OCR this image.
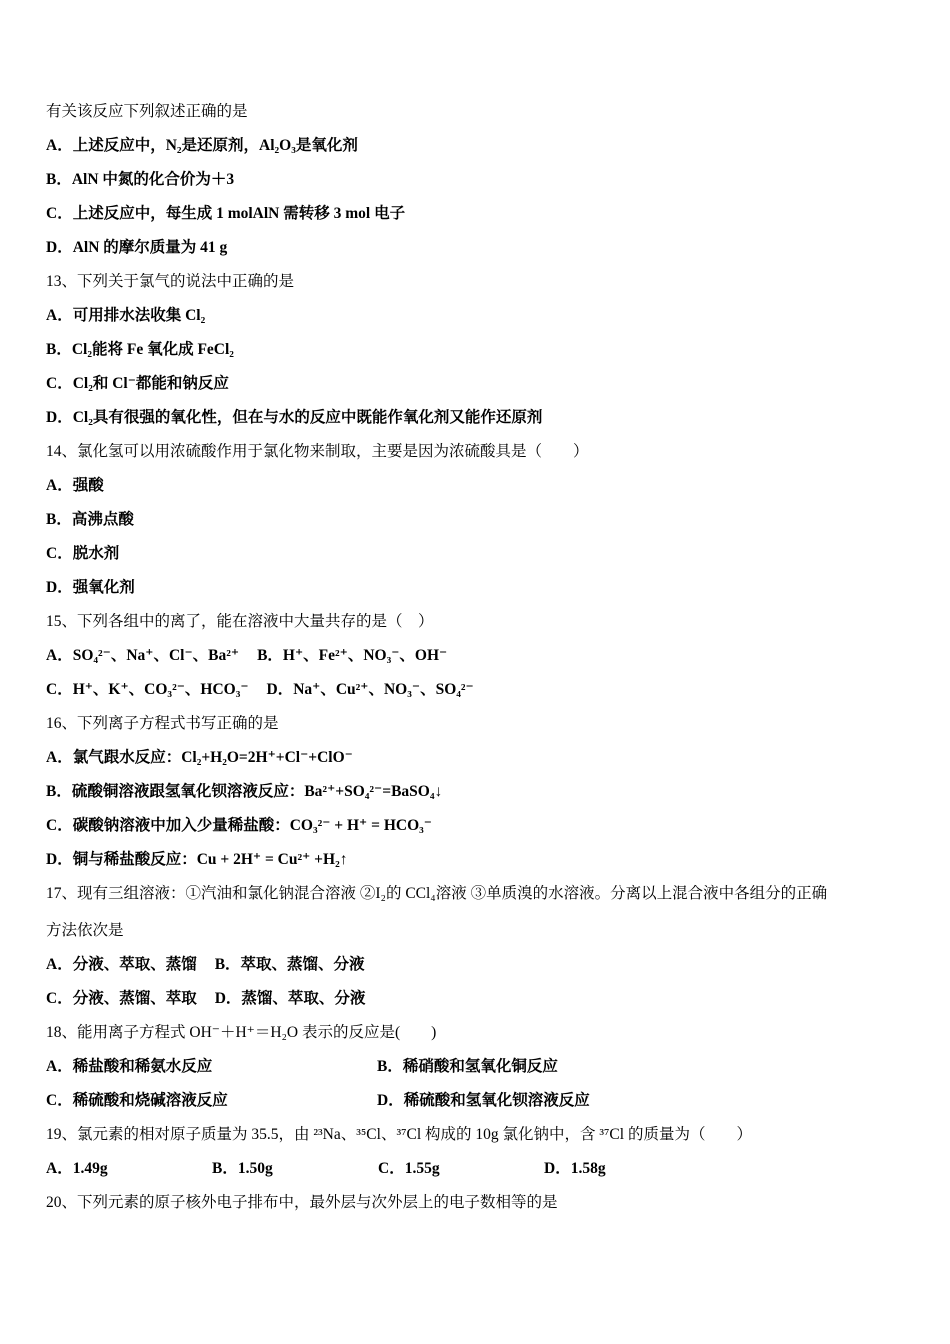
有关该反应下列叙述正确的是
A．上述反应中，N₂是还原剂，Al₂O₃是氧化剂
B．AlN 中氮的化合价为＋3
C．上述反应中，每生成 1 molAlN 需转移 3 mol 电子
D．AlN 的摩尔质量为 41 g
13、下列关于氯气的说法中正确的是
A．可用排水法收集 Cl₂
B．Cl₂能将 Fe 氧化成 FeCl₂
C．Cl₂和 Cl⁻都能和钠反应
D．Cl₂具有很强的氧化性，但在与水的反应中既能作氧化剂又能作还原剂
14、氯化氢可以用浓硫酸作用于氯化物来制取，主要是因为浓硫酸具是（　　）
A．强酸
B．高沸点酸
C．脱水剂
D．强氧化剂
15、下列各组中的离了，能在溶液中大量共存的是（　）
A．SO₄²⁻、Na⁺、Cl⁻、Ba²⁺ B．H⁺、Fe²⁺、NO₃⁻、OH⁻
C．H⁺、K⁺、CO₃²⁻、HCO₃⁻ D．Na⁺、Cu²⁺、NO₃⁻、SO₄²⁻
16、下列离子方程式书写正确的是
A．氯气跟水反应：Cl₂+H₂O=2H⁺+Cl⁻+ClO⁻
B．硫酸铜溶液跟氢氧化钡溶液反应：Ba²⁺+SO₄²⁻=BaSO₄↓
C．碳酸钠溶液中加入少量稀盐酸：CO₃²⁻ + H⁺ = HCO₃⁻
D．铜与稀盐酸反应：Cu + 2H⁺ = Cu²⁺ +H₂↑
17、现有三组溶液：①汽油和氯化钠混合溶液 ②I₂的 CCl₄溶液 ③单质溴的水溶液。分离以上混合液中各组分的正确
方法依次是
A．分液、萃取、蒸馏 B．萃取、蒸馏、分液
C．分液、蒸馏、萃取 D．蒸馏、萃取、分液
18、能用离子方程式 OH⁻＋H⁺＝H₂O 表示的反应是(　　)
A．稀盐酸和稀氨水反应	B．稀硝酸和氢氧化铜反应
C．稀硫酸和烧碱溶液反应	D．稀硫酸和氢氧化钡溶液反应
19、氯元素的相对原子质量为 35.5，由 ²³Na、³⁵Cl、³⁷Cl 构成的 10g 氯化钠中，含 ³⁷Cl 的质量为（　　）
A．1.49g	B．1.50g	C．1.55g	D．1.58g
20、下列元素的原子核外电子排布中，最外层与次外层上的电子数相等的是
